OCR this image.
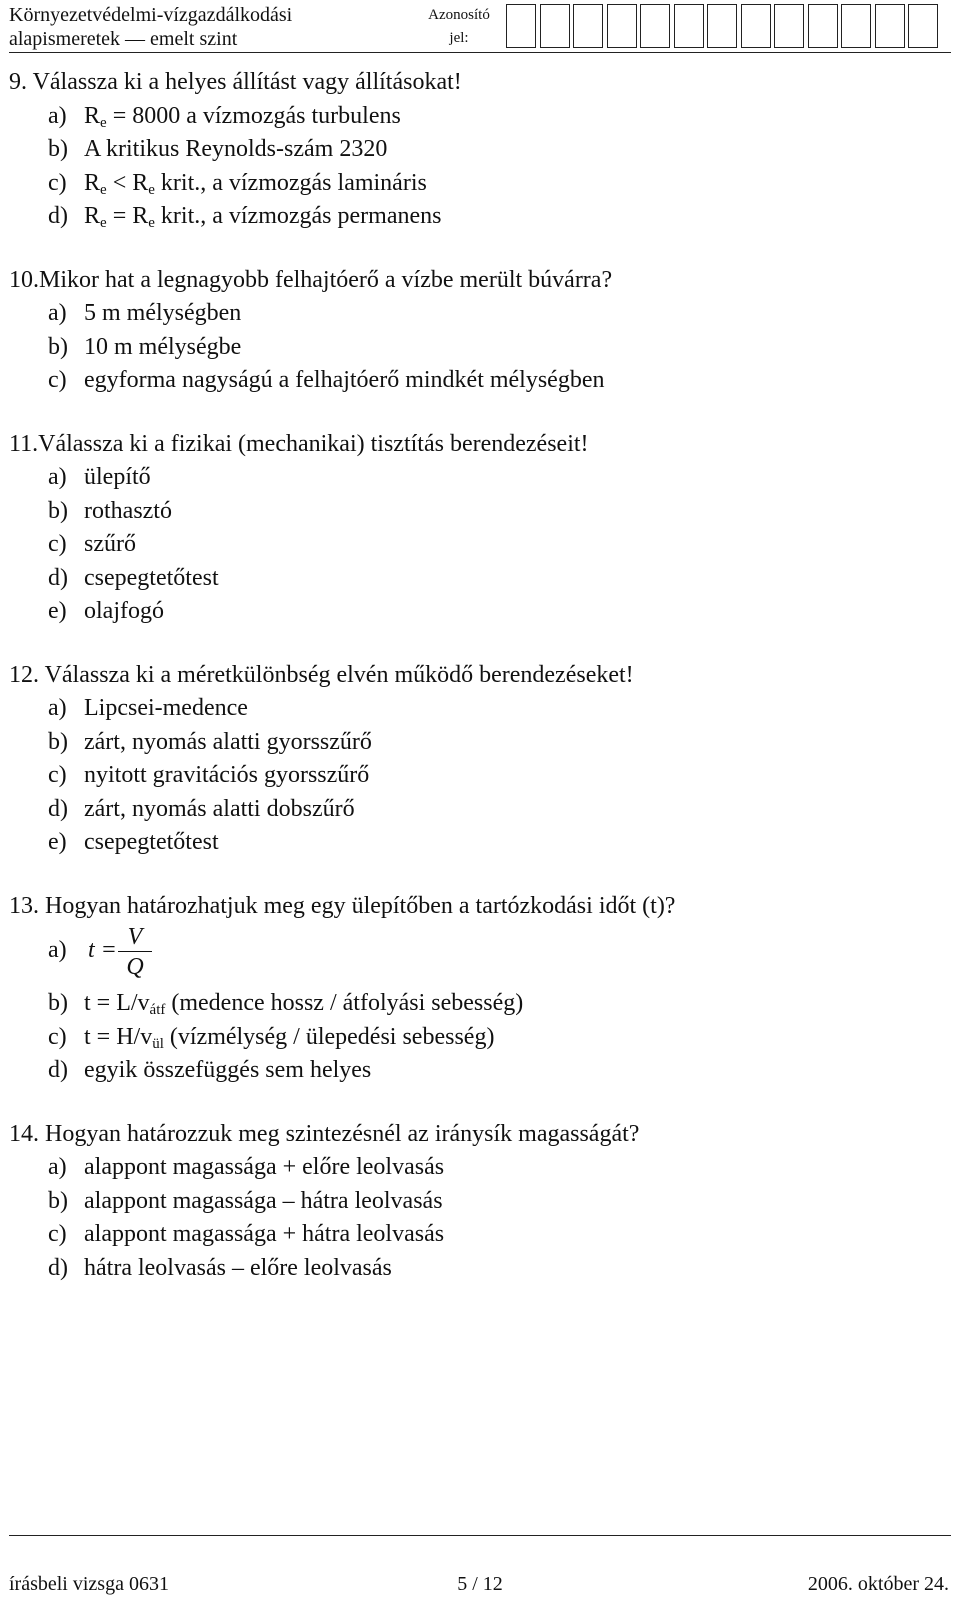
Környezetvédelmi-vízgazdálkodási
alapismeretek — emelt szint
Azonosító
jel:
9. Válassza ki a helyes állítást vagy állításokat!
a) $R_e = 8000$ a vízmozgás turbulens
b) A kritikus Reynolds-szám 2320
c) $R_e < R_e$ krit., a vízmozgás lamináris
d) $R_e = R_e$ krit., a vízmozgás permanens
10.Mikor hat a legnagyobb felhajtóerő a vízbe merült búvárra?
a) 5 m mélységben
b) 10 m mélységbe
c) egyforma nagyságú a felhajtóerő mindkét mélységben
11.Válassza ki a fizikai (mechanikai) tisztítás berendezéseit!
a) ülepítő
b) rothasztó
c) szűrő
d) csepegtetőtest
e) olajfogó
12. Válassza ki a méretkülönbség elvén működő berendezéseket!
a) Lipcsei-medence
b) zárt, nyomás alatti gyorsszűrő
c) nyitott gravitációs gyorsszűrő
d) zárt, nyomás alatti dobszűrő
e) csepegtetőtest
13. Hogyan határozhatjuk meg egy ülepítőben a tartózkodási időt (t)?
a) t = V
Q
b) $t = L/v_{átf}$ (medence hossz / átfolyási sebesség)
c) $t = H/v_{ül}$ (vízmélység / ülepedési sebesség)
d) egyik összefüggés sem helyes
14. Hogyan határozzuk meg szintezésnél az iránysík magasságát?
a) alappont magassága + előre leolvasás
b) alappont magassága – hátra leolvasás
c) alappont magassága + hátra leolvasás
d) hátra leolvasás – előre leolvasás
írásbeli vizsga 0631	5 / 12	2006. október 24.
